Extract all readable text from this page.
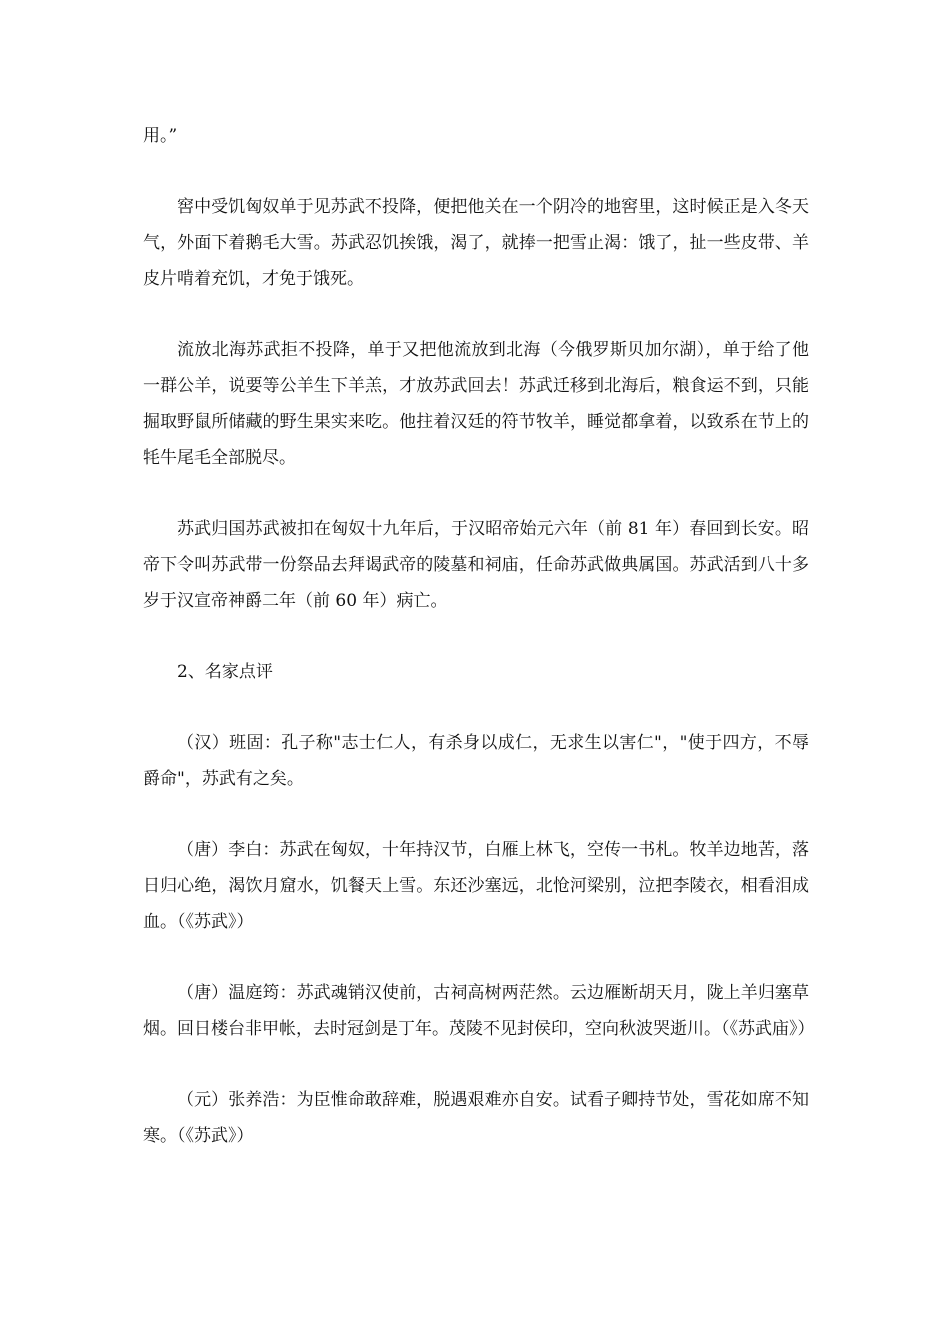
用。”

窖中受饥匈奴单于见苏武不投降，便把他关在一个阴冷的地窖里，这时候正是入冬天气，外面下着鹅毛大雪。苏武忍饥挨饿，渴了，就捧一把雪止渴：饿了，扯一些皮带、羊皮片啃着充饥，才免于饿死。

流放北海苏武拒不投降，单于又把他流放到北海（今俄罗斯贝加尔湖），单于给了他一群公羊，说要等公羊生下羊羔，才放苏武回去！苏武迁移到北海后，粮食运不到，只能掘取野鼠所储藏的野生果实来吃。他拄着汉廷的符节牧羊，睡觉都拿着，以致系在节上的牦牛尾毛全部脱尽。

苏武归国苏武被扣在匈奴十九年后，于汉昭帝始元六年（前 81 年）春回到长安。昭帝下令叫苏武带一份祭品去拜谒武帝的陵墓和祠庙，任命苏武做典属国。苏武活到八十多岁于汉宣帝神爵二年（前 60 年）病亡。

2、名家点评

（汉）班固：孔子称"志士仁人，有杀身以成仁，无求生以害仁"，"使于四方，不辱爵命"，苏武有之矣。

（唐）李白：苏武在匈奴，十年持汉节，白雁上林飞，空传一书札。牧羊边地苦，落日归心绝，渴饮月窟水，饥餐天上雪。东还沙塞远，北怆河梁别，泣把李陵衣，相看泪成血。（《苏武》）

（唐）温庭筠：苏武魂销汉使前，古祠高树两茫然。云边雁断胡天月，陇上羊归塞草烟。回日楼台非甲帐，去时冠剑是丁年。茂陵不见封侯印，空向秋波哭逝川。（《苏武庙》）

（元）张养浩：为臣惟命敢辞难，脱遇艰难亦自安。试看子卿持节处，雪花如席不知寒。（《苏武》）
